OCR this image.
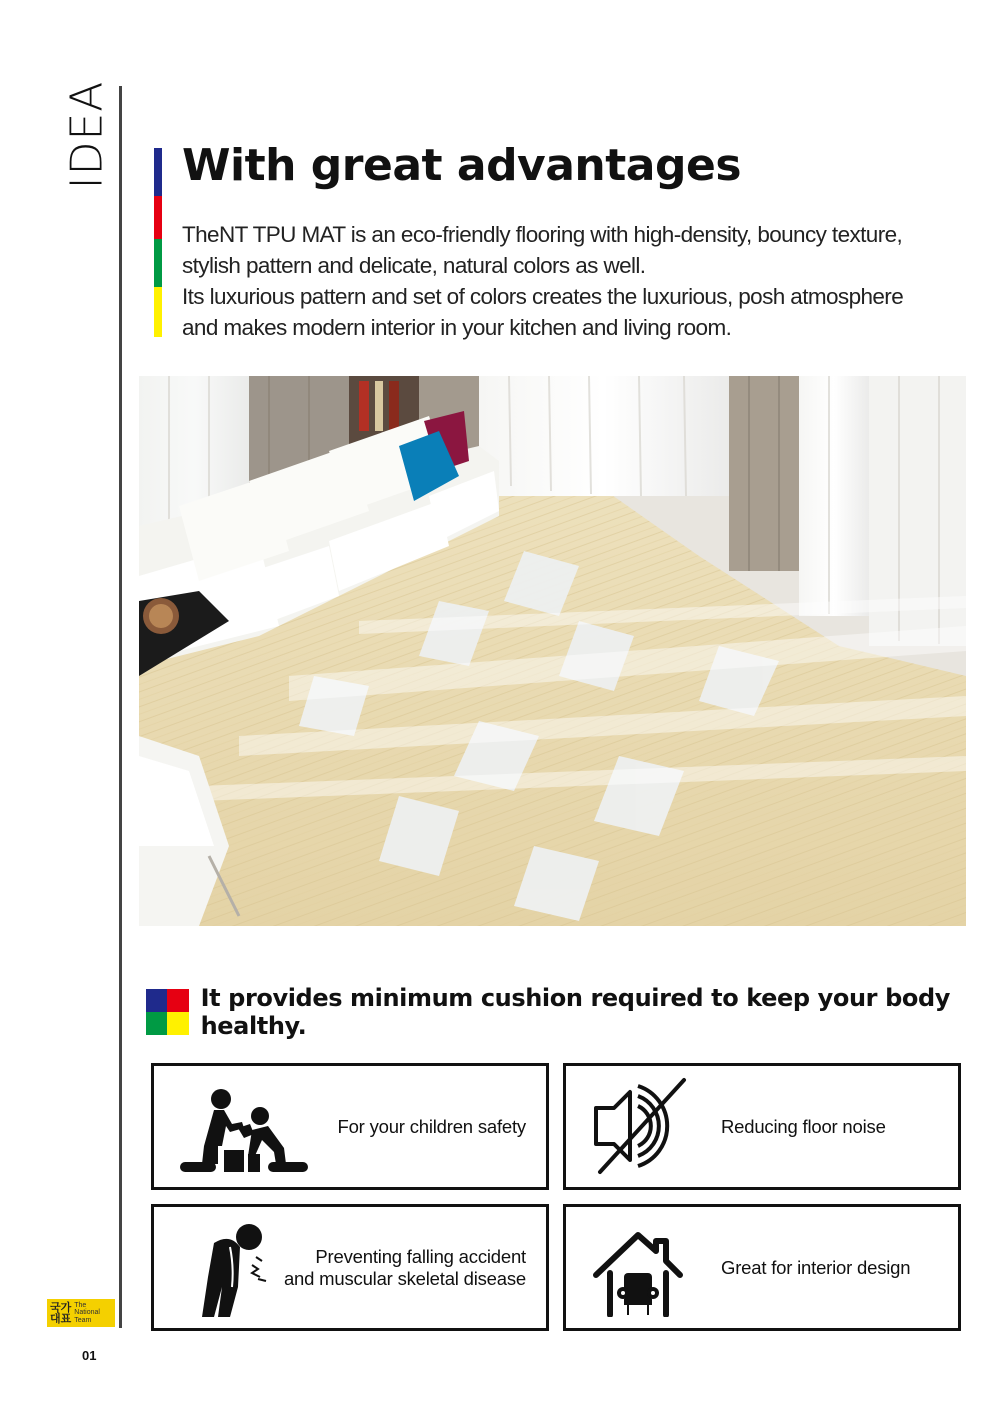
IDEA With great advantages

TheNT TPU MAT is an eco-friendly flooring with high-density, bouncy texture,

stylish pattern and delicate, natural colors as well.

Its luxurious pattern and set of colors creates the luxurious, posh atmosphere

and makes modern interior in your kitchen and living room.

It provides minimum cushion required to keep your body healthy.
For your children safety	Reducing floor noise
Preventing falling accident
and muscular skeletal disease
Great for interior design
국가
대표
The
National
Team
01
